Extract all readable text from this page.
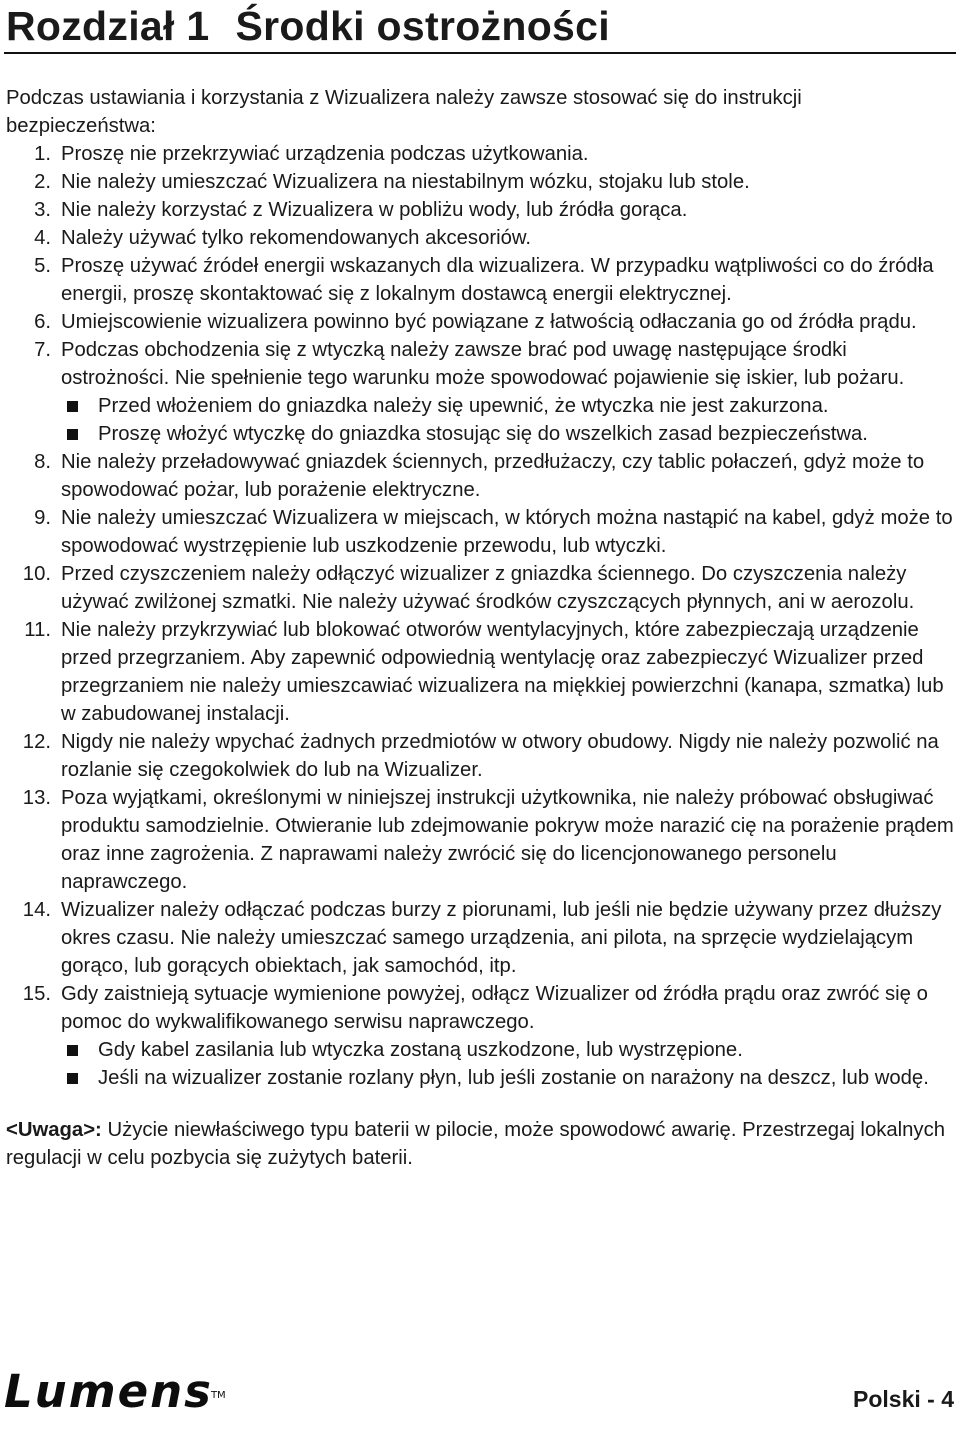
Rozdział 1 Środki ostrożności

Podczas ustawiania i korzystania z Wizualizera należy zawsze stosować się do instrukcji bezpieczeństwa:

1. Proszę nie przekrzywiać urządzenia podczas użytkowania.
2. Nie należy umieszczać Wizualizera na niestabilnym wózku, stojaku lub stole.
3. Nie należy korzystać z Wizualizera w pobliżu wody, lub źródła gorąca.
4. Należy używać tylko rekomendowanych akcesoriów.
5. Proszę używać źródeł energii wskazanych dla wizualizera. W przypadku wątpliwości co do źródła energii, proszę skontaktować się z lokalnym dostawcą energii elektrycznej.
6. Umiejscowienie wizualizera powinno być powiązane z łatwością odłaczania go od źródła prądu.
7. Podczas obchodzenia się z wtyczką należy zawsze brać pod uwagę następujące środki ostrożności. Nie spełnienie tego warunku może spowodować pojawienie się iskier, lub pożaru.
Przed włożeniem do gniazdka należy się upewnić, że wtyczka nie jest zakurzona.
Proszę włożyć wtyczkę do gniazdka stosując się do wszelkich zasad bezpieczeństwa.
8. Nie należy przeładowywać gniazdek ściennych, przedłużaczy, czy tablic połaczeń, gdyż może to spowodować pożar, lub porażenie elektryczne.
9. Nie należy umieszczać Wizualizera w miejscach, w których można nastąpić na kabel, gdyż może to spowodować wystrzępienie lub uszkodzenie przewodu, lub wtyczki.
10. Przed czyszczeniem należy odłączyć wizualizer z gniazdka ściennego. Do czyszczenia należy używać zwilżonej szmatki. Nie należy używać środków czyszczących płynnych, ani w aerozolu.
11. Nie należy przykrzywiać lub blokować otworów wentylacyjnych, które zabezpieczają urządzenie przed przegrzaniem. Aby zapewnić odpowiednią wentylację oraz zabezpieczyć Wizualizer przed przegrzaniem nie należy umieszcawiać wizualizera na miękkiej powierzchni (kanapa, szmatka) lub w zabudowanej instalacji.
12. Nigdy nie należy wpychać żadnych przedmiotów w otwory obudowy. Nigdy nie należy pozwolić na rozlanie się czegokolwiek do lub na Wizualizer.
13. Poza wyjątkami, określonymi w niniejszej instrukcji użytkownika, nie należy próbować obsługiwać produktu samodzielnie. Otwieranie lub zdejmowanie pokryw może narazić cię na porażenie prądem oraz inne zagrożenia. Z naprawami należy zwrócić się do licencjonowanego personelu naprawczego.
14. Wizualizer należy odłączać podczas burzy z piorunami, lub jeśli nie będzie używany przez dłuższy okres czasu. Nie należy umieszczać samego urządzenia, ani pilota, na sprzęcie wydzielającym gorąco, lub gorących obiektach, jak samochód, itp.
15. Gdy zaistnieją sytuacje wymienione powyżej, odłącz Wizualizer od źródła prądu oraz zwróć się o pomoc do wykwalifikowanego serwisu naprawczego.
Gdy kabel zasilania lub wtyczka zostaną uszkodzone, lub wystrzępione.
Jeśli na wizualizer zostanie rozlany płyn, lub jeśli zostanie on narażony na deszcz, lub wodę.

<Uwaga>: Użycie niewłaściwego typu baterii w pilocie, może spowodowć awarię. Przestrzegaj lokalnych regulacji w celu pozbycia się zużytych baterii.

Lumens™	Polski - 4
